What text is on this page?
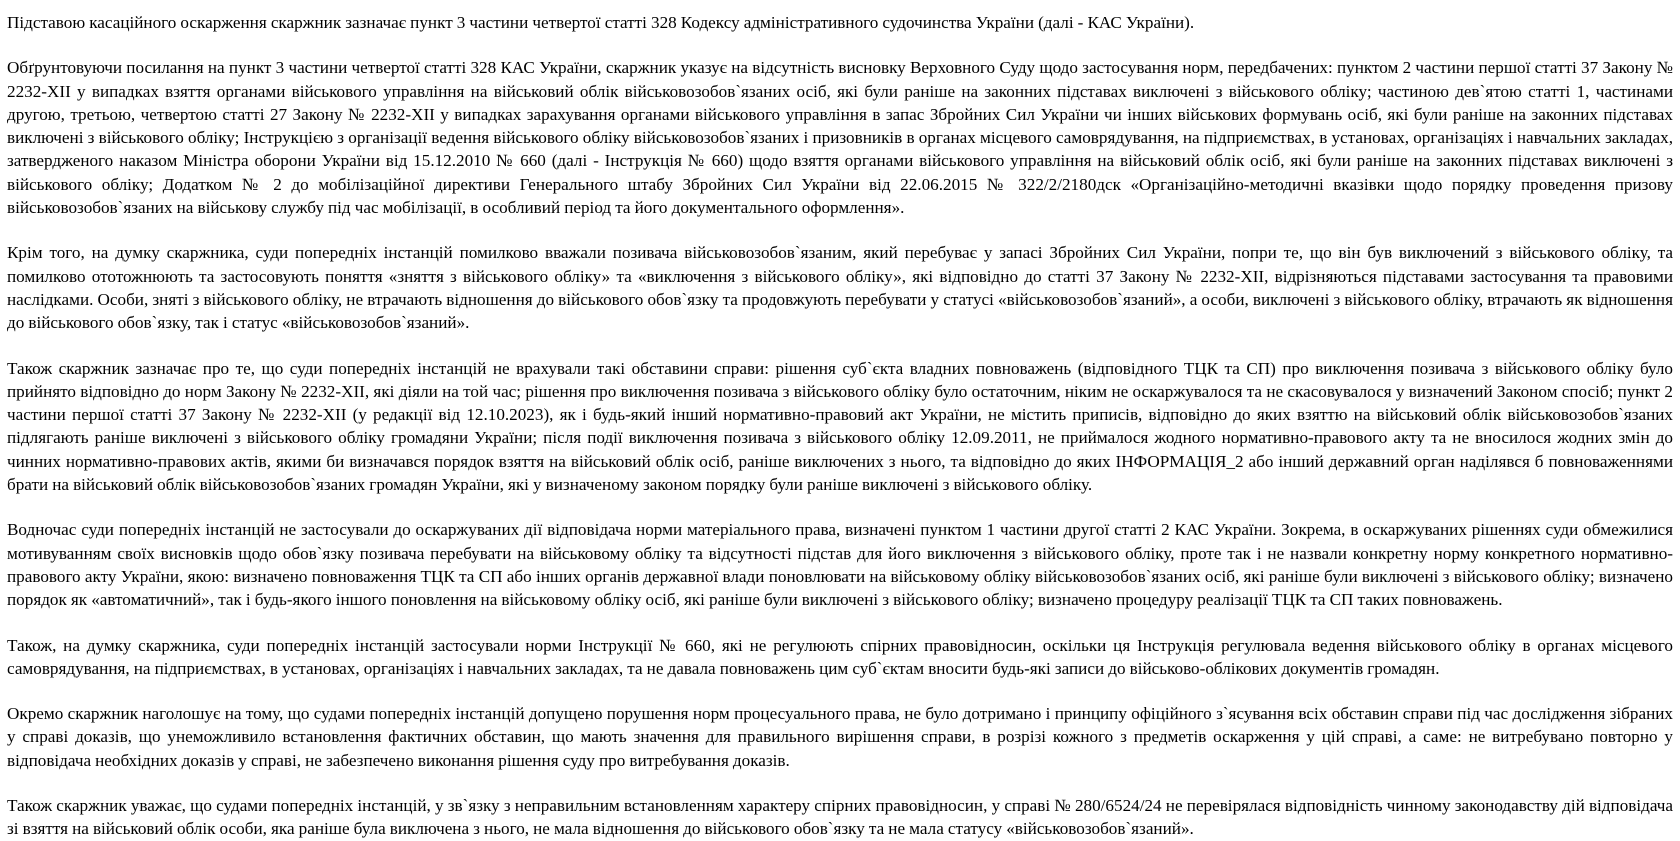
Підставою касаційного оскарження скаржник зазначає пункт 3 частини четвертої статті 328 Кодексу адміністративного судочинства України (далі - КАС України).

Обґрунтовуючи посилання на пункт 3 частини четвертої статті 328 КАС України, скаржник указує на відсутність висновку Верховного Суду щодо застосування норм, передбачених: пунктом 2 частини першої статті 37 Закону № 2232-XII у випадках взяття органами військового управління на військовий облік військовозобов`язаних осіб, які були раніше на законних підставах виключені з військового обліку; частиною дев`ятою статті 1, частинами другою, третьою, четвертою статті 27 Закону № 2232-XII у випадках зарахування органами військового управління в запас Збройних Сил України чи інших військових формувань осіб, які були раніше на законних підставах виключені з військового обліку; Інструкцією з організації ведення військового обліку військовозобов`язаних і призовників в органах місцевого самоврядування, на підприємствах, в установах, організаціях і навчальних закладах, затвердженого наказом Міністра оборони України від 15.12.2010 № 660 (далі - Інструкція № 660) щодо взяття органами військового управління на військовий облік осіб, які були раніше на законних підставах виключені з військового обліку; Додатком № 2 до мобілізаційної директиви Генерального штабу Збройних Сил України від 22.06.2015 № 322/2/2180дск «Організаційно-методичні вказівки щодо порядку проведення призову військовозобов`язаних на військову службу під час мобілізації, в особливий період та його документального оформлення».

Крім того, на думку скаржника, суди попередніх інстанцій помилково вважали позивача військовозобов`язаним, який перебуває у запасі Збройних Сил України, попри те, що він був виключений з військового обліку, та помилково ототожнюють та застосовують поняття «зняття з військового обліку» та «виключення з військового обліку», які відповідно до статті 37 Закону № 2232-XII, відрізняються підставами застосування та правовими наслідками. Особи, зняті з військового обліку, не втрачають відношення до військового обов`язку та продовжують перебувати у статусі «військовозобов`язаний», а особи, виключені з військового обліку, втрачають як відношення до військового обов`язку, так і статус «військовозобов`язаний».

Також скаржник зазначає про те, що суди попередніх інстанцій не врахували такі обставини справи: рішення суб`єкта владних повноважень (відповідного ТЦК та СП) про виключення позивача з військового обліку було прийнято відповідно до норм Закону № 2232-XII, які діяли на той час; рішення про виключення позивача з військового обліку було остаточним, ніким не оскаржувалося та не скасовувалося у визначений Законом спосіб; пункт 2 частини першої статті 37 Закону № 2232-XII (у редакції від 12.10.2023), як і будь-який інший нормативно-правовий акт України, не містить приписів, відповідно до яких взяттю на військовий облік військовозобов`язаних підлягають раніше виключені з військового обліку громадяни України; після події виключення позивача з військового обліку 12.09.2011, не приймалося жодного нормативно-правового акту та не вносилося жодних змін до чинних нормативно-правових актів, якими би визначався порядок взяття на військовий облік осіб, раніше виключених з нього, та відповідно до яких ІНФОРМАЦІЯ_2 або інший державний орган наділявся б повноваженнями брати на військовий облік військовозобов`язаних громадян України, які у визначеному законом порядку були раніше виключені з військового обліку.

Водночас суди попередніх інстанцій не застосували до оскаржуваних дії відповідача норми матеріального права, визначені пунктом 1 частини другої статті 2 КАС України. Зокрема, в оскаржуваних рішеннях суди обмежилися мотивуванням своїх висновків щодо обов`язку позивача перебувати на військовому обліку та відсутності підстав для його виключення з військового обліку, проте так і не назвали конкретну норму конкретного нормативно-правового акту України, якою: визначено повноваження ТЦК та СП або інших органів державної влади поновлювати на військовому обліку військовозобов`язаних осіб, які раніше були виключені з військового обліку; визначено порядок як «автоматичний», так і будь-якого іншого поновлення на військовому обліку осіб, які раніше були виключені з військового обліку; визначено процедуру реалізації ТЦК та СП таких повноважень.

Також, на думку скаржника, суди попередніх інстанцій застосували норми Інструкції № 660, які не регулюють спірних правовідносин, оскільки ця Інструкція регулювала ведення військового обліку в органах місцевого самоврядування, на підприємствах, в установах, організаціях і навчальних закладах, та не давала повноважень цим суб`єктам вносити будь-які записи до військово-облікових документів громадян.

Окремо скаржник наголошує на тому, що судами попередніх інстанцій допущено порушення норм процесуального права, не було дотримано і принципу офіційного з`ясування всіх обставин справи під час дослідження зібраних у справі доказів, що унеможливило встановлення фактичних обставин, що мають значення для правильного вирішення справи, в розрізі кожного з предметів оскарження у цій справі, а саме: не витребувано повторно у відповідача необхідних доказів у справі, не забезпечено виконання рішення суду про витребування доказів.

Також скаржник уважає, що судами попередніх інстанцій, у зв`язку з неправильним встановленням характеру спірних правовідносин, у справі № 280/6524/24 не перевірялася відповідність чинному законодавству дій відповідача зі взяття на військовий облік особи, яка раніше була виключена з нього, не мала відношення до військового обов`язку та не мала статусу «військовозобов`язаний».
